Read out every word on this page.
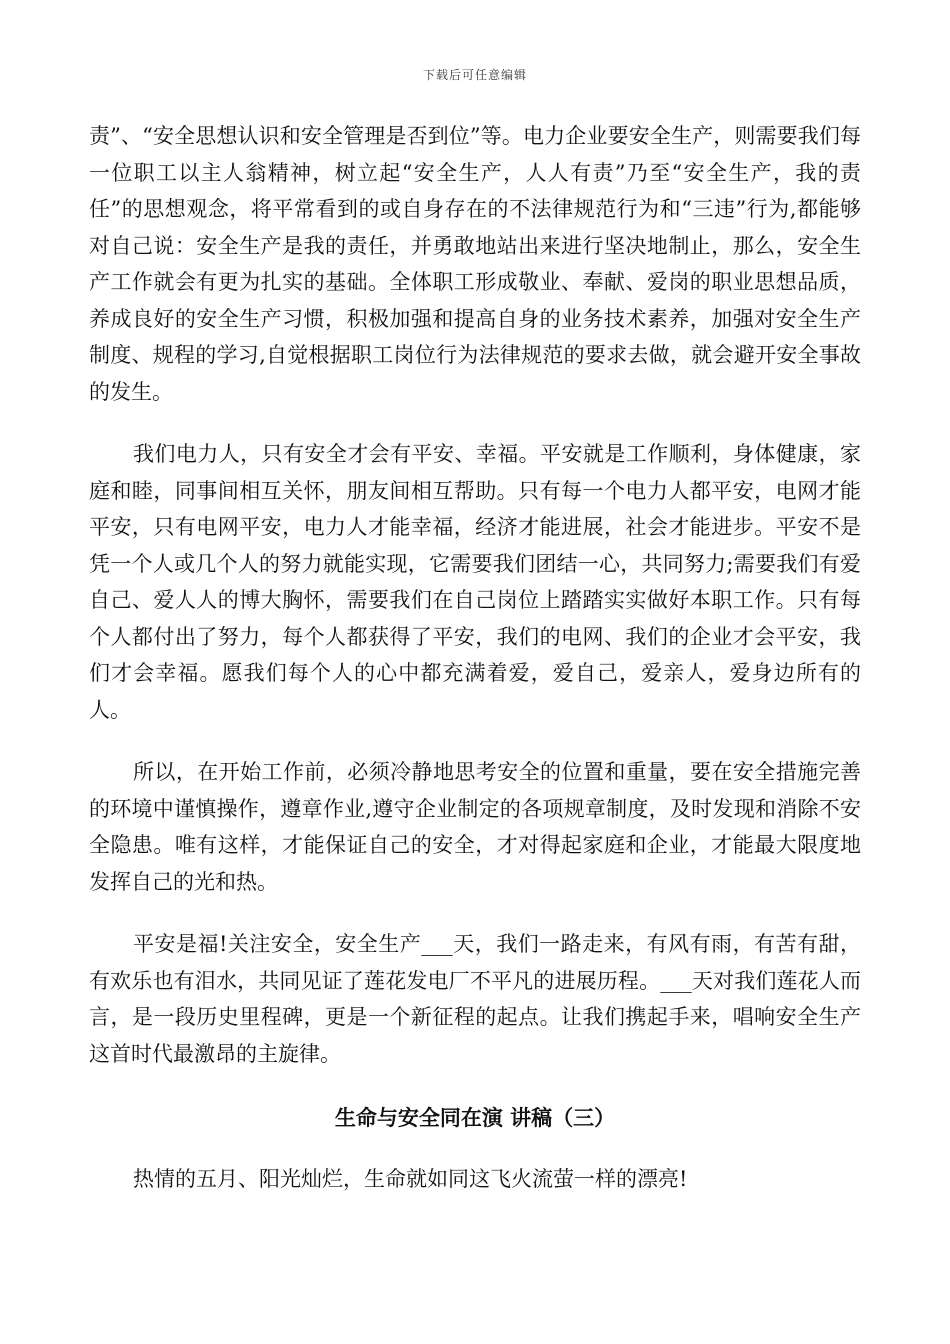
下载后可任意编辑

责”、“安全思想认识和安全管理是否到位”等。电力企业要安全生产，则需要我们每一位职工以主人翁精神，树立起“安全生产，人人有责”乃至“安全生产，我的责任”的思想观念，将平常看到的或自身存在的不法律规范行为和“三违”行为,都能够对自己说：安全生产是我的责任，并勇敢地站出来进行坚决地制止，那么，安全生产工作就会有更为扎实的基础。全体职工形成敬业、奉献、爱岗的职业思想品质，养成良好的安全生产习惯，积极加强和提高自身的业务技术素养，加强对安全生产制度、规程的学习,自觉根据职工岗位行为法律规范的要求去做，就会避开安全事故的发生。

我们电力人，只有安全才会有平安、幸福。平安就是工作顺利，身体健康，家庭和睦，同事间相互关怀，朋友间相互帮助。只有每一个电力人都平安，电网才能平安，只有电网平安，电力人才能幸福，经济才能进展，社会才能进步。平安不是凭一个人或几个人的努力就能实现，它需要我们团结一心，共同努力;需要我们有爱自己、爱人人的博大胸怀，需要我们在自己岗位上踏踏实实做好本职工作。只有每个人都付出了努力，每个人都获得了平安，我们的电网、我们的企业才会平安，我们才会幸福。愿我们每个人的心中都充满着爱，爱自己，爱亲人，爱身边所有的人。

所以，在开始工作前，必须冷静地思考安全的位置和重量，要在安全措施完善的环境中谨慎操作，遵章作业,遵守企业制定的各项规章制度，及时发现和消除不安全隐患。唯有这样，才能保证自己的安全，才对得起家庭和企业，才能最大限度地发挥自己的光和热。

平安是福!关注安全，安全生产___天，我们一路走来，有风有雨，有苦有甜，有欢乐也有泪水，共同见证了莲花发电厂不平凡的进展历程。___天对我们莲花人而言，是一段历史里程碑，更是一个新征程的起点。让我们携起手来，唱响安全生产这首时代最激昂的主旋律。

生命与安全同在演 讲稿（三）

热情的五月、阳光灿烂，生命就如同这飞火流萤一样的漂亮!
